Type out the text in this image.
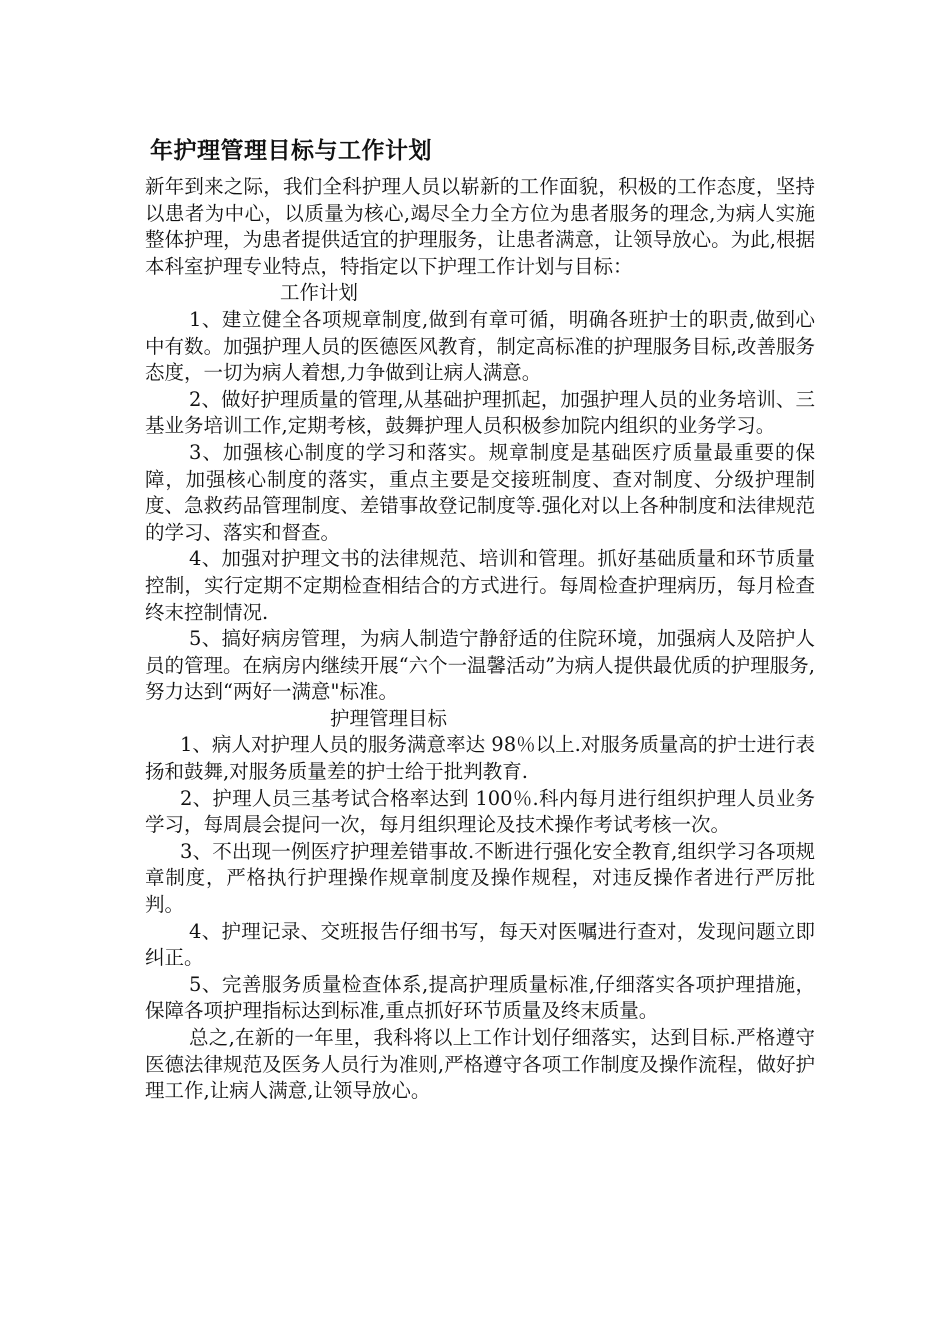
年护理管理目标与工作计划

新年到来之际，我们全科护理人员以崭新的工作面貌，积极的工作态度，坚持以患者为中心，以质量为核心,竭尽全力全方位为患者服务的理念,为病人实施整体护理，为患者提供适宜的护理服务，让患者满意，让领导放心。为此,根据本科室护理专业特点，特指定以下护理工作计划与目标：

工作计划

1、建立健全各项规章制度,做到有章可循，明确各班护士的职责,做到心中有数。加强护理人员的医德医风教育，制定高标准的护理服务目标,改善服务态度，一切为病人着想,力争做到让病人满意。

2、做好护理质量的管理,从基础护理抓起，加强护理人员的业务培训、三基业务培训工作,定期考核，鼓舞护理人员积极参加院内组织的业务学习。

3、加强核心制度的学习和落实。规章制度是基础医疗质量最重要的保障，加强核心制度的落实，重点主要是交接班制度、查对制度、分级护理制度、急救药品管理制度、差错事故登记制度等.强化对以上各种制度和法律规范的学习、落实和督查。

4、加强对护理文书的法律规范、培训和管理。抓好基础质量和环节质量控制，实行定期不定期检查相结合的方式进行。每周检查护理病历，每月检查终末控制情况.

5、搞好病房管理，为病人制造宁静舒适的住院环境，加强病人及陪护人员的管理。在病房内继续开展“六个一温馨活动”为病人提供最优质的护理服务,努力达到“两好一满意"标准。

护理管理目标

1、病人对护理人员的服务满意率达 98％以上.对服务质量高的护士进行表扬和鼓舞,对服务质量差的护士给于批判教育.

2、护理人员三基考试合格率达到 100％.科内每月进行组织护理人员业务学习，每周晨会提问一次，每月组织理论及技术操作考试考核一次。

3、不出现一例医疗护理差错事故.不断进行强化安全教育,组织学习各项规章制度，严格执行护理操作规章制度及操作规程，对违反操作者进行严厉批判。

4、护理记录、交班报告仔细书写，每天对医嘱进行查对，发现问题立即纠正。

5、完善服务质量检查体系,提高护理质量标准,仔细落实各项护理措施，保障各项护理指标达到标准,重点抓好环节质量及终末质量。

总之,在新的一年里，我科将以上工作计划仔细落实，达到目标.严格遵守医德法律规范及医务人员行为准则,严格遵守各项工作制度及操作流程，做好护理工作,让病人满意,让领导放心。
